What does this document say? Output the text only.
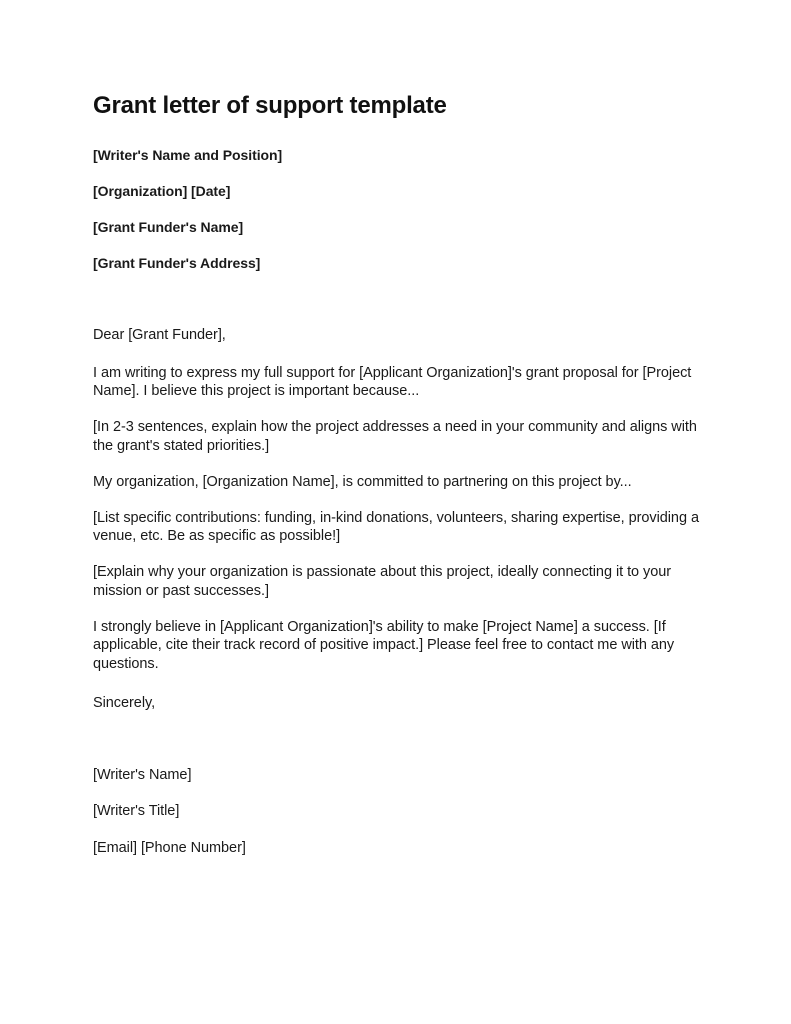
Grant letter of support template

[Writer's Name and Position]

[Organization] [Date]

[Grant Funder's Name]

[Grant Funder's Address]

Dear [Grant Funder],

I am writing to express my full support for [Applicant Organization]'s grant proposal for [Project Name]. I believe this project is important because...

[In 2-3 sentences, explain how the project addresses a need in your community and aligns with the grant's stated priorities.]

My organization, [Organization Name], is committed to partnering on this project by...

[List specific contributions: funding, in-kind donations, volunteers, sharing expertise, providing a venue, etc. Be as specific as possible!]

[Explain why your organization is passionate about this project, ideally connecting it to your mission or past successes.]

I strongly believe in [Applicant Organization]'s ability to make [Project Name] a success. [If applicable, cite their track record of positive impact.] Please feel free to contact me with any questions.

Sincerely,

[Writer's Name]

[Writer's Title]

[Email] [Phone Number]
